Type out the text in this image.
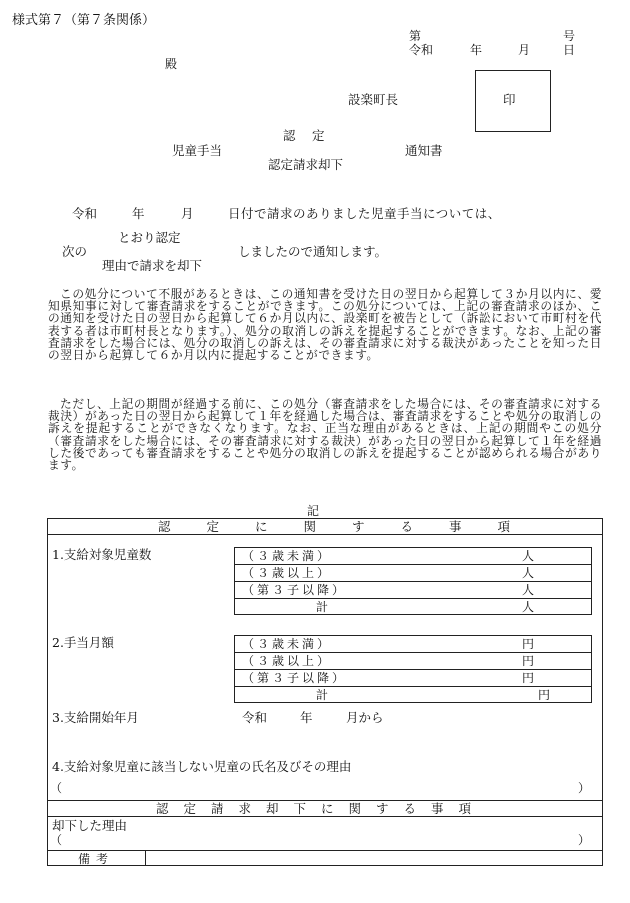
様式第７（第７条関係）
第	号
令和	年	月	日
殿
設楽町長	印
認　定
児童手当	通知書
認定請求却下
令和	年	月	日付で請求のありました児童手当については、
とおり認定
次の	しましたので通知します。
理由で請求を却下
この処分について不服があるときは、この通知書を受けた日の翌日から起算して３か月以内に、愛知県知事に対して審査請求をすることができます。この処分については、上記の審査請求のほか、この通知を受けた日の翌日から起算して６か月以内に、設楽町を被告として（訴訟において市町村を代表する者は市町村長となります。）、処分の取消しの訴えを提起することができます。なお、上記の審査請求をした場合には、処分の取消しの訴えは、その審査請求に対する裁決があったことを知った日の翌日から起算して６か月以内に提起することができます。
ただし、上記の期間が経過する前に、この処分（審査請求をした場合には、その審査請求に対する裁決）があった日の翌日から起算して１年を経過した場合は、審査請求をすることや処分の取消しの訴えを提起することができなくなります。なお、正当な理由があるときは、上記の期間やこの処分（審査請求をした場合には、その審査請求に対する裁決）があった日の翌日から起算して１年を経過した後であっても審査請求をすることや処分の取消しの訴えを提起することが認められる場合があります。
記
認定に関する事項
1.支給対象児童数	（３歳未満）	人
（３歳以上）	人
（第３子以降）	人
計	人
2.手当月額	（３歳未満）	円
（３歳以上）	円
（第３子以降）	円
計	円
3.支給開始年月	令和	年	月から
4.支給対象児童に該当しない児童の氏名及びその理由
（	）
認定請求却下に関する事項
却下した理由
（	）
備考
